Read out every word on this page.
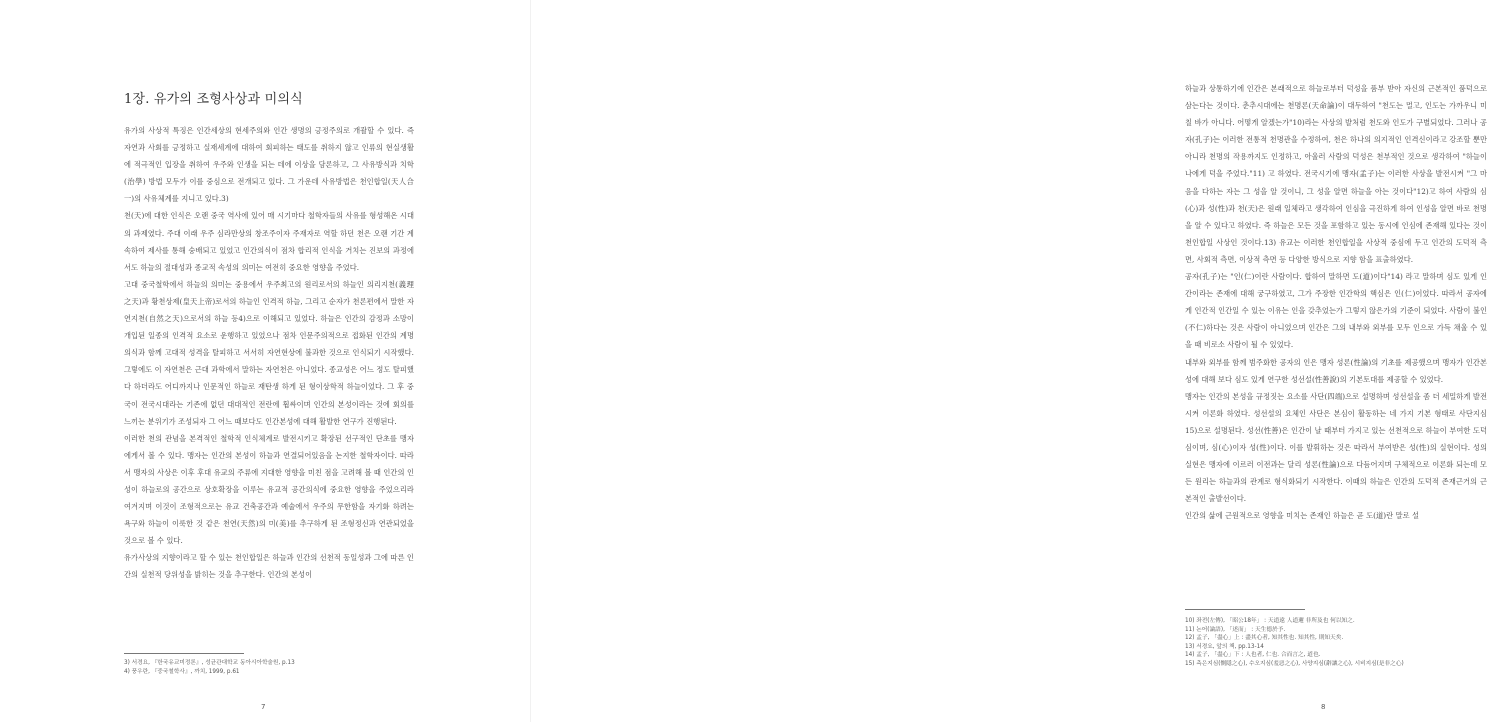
1장. 유가의 조형사상과 미의식

유가의 사상적 특징은 인간세상의 현세주의와 인간 생명의 긍정주의로 개괄할 수 있다. 즉 자연과 사회를 긍정하고 실재세계에 대하여 회피하는 태도를 취하지 않고 인류의 현실생활에 적극적인 입장을 취하여 우주와 인생을 되는 데에 이상을 담론하고, 그 사유방식과 치학(治學) 방법 모두가 이를 중심으로 전개되고 있다. 그 가운데 사유방법은 천인합일(天人合一)의 사유체계를 지니고 있다.3)

천(天)에 대한 인식은 오랜 중국 역사에 있어 매 시기마다 철학자들의 사유를 형성해온 시대의 과제였다. 주대 이래 우주 심라만상의 창조주이자 주재자로 역할 하던 천은 오랜 기간 계속하여 제사를 통해 숭배되고 있었고 인간의식이 점차 합리적 인식을 거치는 진보의 과정에서도 하늘의 절대성과 종교적 속성의 의미는 여전히 중요한 영향을 주었다.

고대 중국철학에서 하늘의 의미는 중용에서 우주최고의 원리로서의 하늘인 의리지천(義理之天)과 황천상제(皇天上帝)로서의 하늘인 인격적 하늘, 그리고 순자가 천론편에서 말한 자연지천(自然之天)으로서의 하늘 등4)으로 이해되고 있었다. 하늘은 인간의 감정과 소망이 개입된 일종의 인격적 요소로 운행하고 있었으나 점차 인문주의적으로 접화된 인간의 계명의식과 함께 고대적 성격을 탈피하고 서서히 자연현상에 불과한 것으로 인식되기 시작했다. 그렇에도 이 자연천은 근대 과학에서 말하는 자연천은 아니었다. 종교성은 어느 정도 탈피했다 하더라도 어디까지나 인문적인 하늘로 재탄생 하게 된 형이상학적 하늘이었다. 그 후 중국이 전국시대라는 기존에 없던 대대적인 전란에 휩싸이며 인간의 본성이라는 것에 회의를 느끼는 분위기가 조성되자 그 어느 때보다도 인간본성에 대해 활발한 연구가 진행된다.

이러한 천의 관념을 본격적인 철학적 인식체계로 발전시키고 확장된 선구적인 단초를 맹자에게서 볼 수 있다. 맹자는 인간의 본성이 하늘과 연결되어있음을 논지한 철학자이다. 따라서 맹자의 사상은 이후 후대 유교의 주류에 지대한 영향을 미친 점을 고려해 볼 때 인간의 인성이 하늘로의 공간으로 상호확장을 이루는 유교적 공간의식에 중요한 영향을 주었으리라 여겨지며 이것이 조형적으로는 유교 건축공간과 예술에서 우주의 무한함을 자기화 하려는 욕구와 하늘이 이룩한 것 같은 천연(天然)의 미(美)를 추구하게 된 조형정신과 연관되었을 것으로 볼 수 있다.

유가사상의 지향이라고 할 수 있는 천인합일은 하늘과 인간의 선천적 동일성과 그에 따른 인간의 실천적 당위성을 밝히는 것을 추구한다. 인간의 본성이

3) 서경요, 『한국유교미정론』, 성균관대학교 동아시아학술원, p.13
4) 풍우란, 『중국철학사』, 까치, 1999, p.61
7

하늘과 상통하기에 인간은 본래적으로 하늘로부터 덕성을 품부 받아 자신의 근본적인 품덕으로 삼는다는 것이다. 춘추시대에는 천명론(天命論)이 대두하여 "천도는 멀고, 인도는 가까우니 미칠 바가 아니다. 어떻게 알겠는가"10)라는 사상의 발처럼 천도와 인도가 구별되었다. 그러나 공자(孔子)는 이러한 전통적 천명관을 수정하여, 천은 하나의 의지적인 인격신이라고 강조할 뿐만 아니라 천명의 작용까지도 인정하고, 아울러 사람의 덕성은 천부적인 것으로 생각하여 "하늘이 나에게 덕을 주었다."11) 고 하였다. 전국시기에 맹자(孟子)는 이러한 사상을 발전시켜 "그 마음을 다하는 자는 그 성을 알 것이니, 그 성을 알면 하늘을 아는 것이다"12)고 하여 사람의 심(心)과 성(性)과 천(天)은 원래 일체라고 생각하여 인심을 극진하게 하여 인성을 알면 바로 천명을 알 수 있다고 하였다. 즉 하늘은 모든 것을 포함하고 있는 동시에 인심에 존재해 있다는 것이 천인합일 사상인 것이다.13) 유교는 이러한 천인합일을 사상적 중심에 두고 인간의 도덕적 측면, 사회적 측면, 이상적 측면 등 다양한 방식으로 지향 함을 표출하였다.

공자(孔子)는 "인(仁)이란 사람이다. 합하여 말하면 도(道)이다"14) 라고 말하며 심도 있게 인간이라는 존재에 대해 궁구하였고, 그가 주장한 인간학의 핵심은 인(仁)이었다. 따라서 공자에게 인간적 인간일 수 있는 이유는 인을 갖추었는가 그렇지 않은가의 기준이 되었다. 사람이 불인(不仁)하다는 것은 사람이 아니었으며 인간은 그의 내부와 외부를 모두 인으로 가득 채울 수 있을 때 비로소 사람이 될 수 있었다.

내부와 외부를 함께 범주화한 공자의 인은 맹자 성론(性論)의 기초를 제공했으며 맹자가 인간본성에 대해 보다 심도 있게 연구한 성선설(性善說)의 기본토대를 제공할 수 있었다.

맹자는 인간의 본성을 규정짓는 요소를 사단(四端)으로 설명하며 성선설을 좀 더 세밀하게 발전시켜 이론화 하였다. 성선설의 요체인 사단은 본심이 활동하는 네 가지 기본 형태로 사단지심15)으로 설명된다. 성선(性善)은 인간이 날 때부터 가지고 있는 선천적으로 하늘이 부여한 도덕심이며, 심(心)이자 성(性)이다. 이를 발휘하는 것은 따라서 부여받은 성(性)의 실현이다. 성의 실현은 맹자에 이르러 이전과는 달리 성론(性論)으로 다듬어지며 구체적으로 이론화 되는데 모든 원리는 하늘과의 관계로 형식화되기 시작한다. 이때의 하늘은 인간의 도덕적 존재근거의 근본적인 출발선이다.

인간의 삶에 근원적으로 영향을 미치는 존재인 하늘은 곧 도(道)란 말로 설

10) 좌전(左傳), 「昭公18年」 : 天道遠 人道邇 非所及也 何以知之.
11) 논어(論語), 「述而」 : 天生德於予.
12) 孟子, 「盡心」上 : 盡其心者, 知其性也. 知其性, 則知天矣.
13) 서경요, 앞의 책, pp.13-14
14) 孟子, 「盡心」下 : 人也者, 仁也. 合而言之, 道也.
15) 측은지심(惻隱之心), 수오지심(羞惡之心), 사양지심(辭讓之心), 시비지심(是非之心)
8
